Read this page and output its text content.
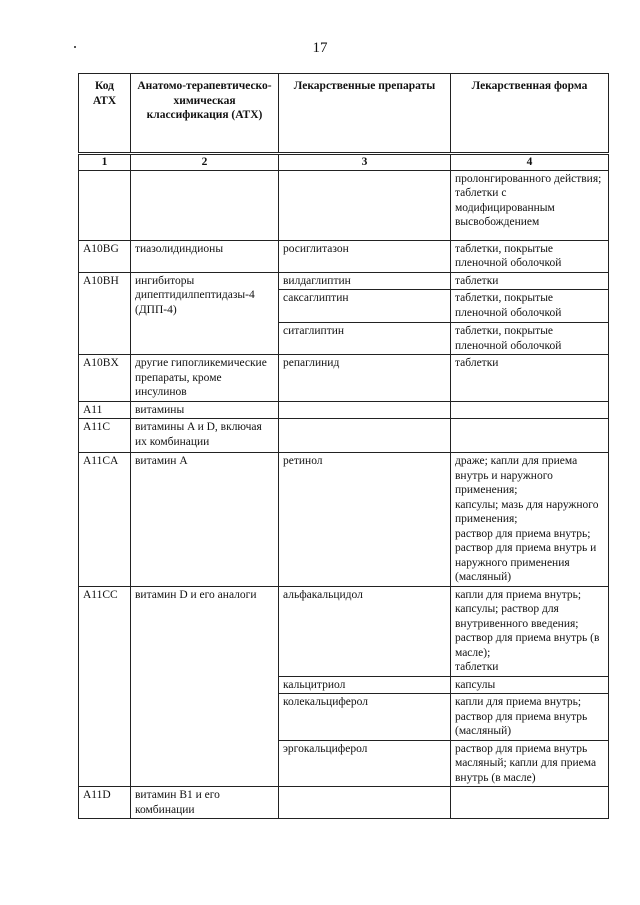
17
Код АТХ	Анатомо-терапевтическо-химическая классификация (АТХ)	Лекарственные препараты	Лекарственная форма
1	2	3	4
			пролонгированного действия;
таблетки с модифицированным высвобождением
A10BG	тиазолидиндионы	росиглитазон	таблетки, покрытые пленочной оболочкой
A10BH	ингибиторы дипептидилпептидазы-4 (ДПП-4)	вилдаглиптин	таблетки
		саксаглиптин	таблетки, покрытые пленочной оболочкой
		ситаглиптин	таблетки, покрытые пленочной оболочкой
A10BX	другие гипогликемические препараты, кроме инсулинов	репаглинид	таблетки
A11	витамины		
A11C	витамины A и D, включая их комбинации		
A11CA	витамин A	ретинол	драже; капли для приема внутрь и наружного применения;
капсулы; мазь для наружного применения;
раствор для приема внутрь; раствор для приема внутрь и наружного применения (масляный)
A11CC	витамин D и его аналоги	альфакальцидол	капли для приема внутрь;
капсулы; раствор для внутривенного введения;
раствор для приема внутрь (в масле);
таблетки
		кальцитриол	капсулы
		колекальциферол	капли для приема внутрь;
раствор для приема внутрь (масляный)
		эргокальциферол	раствор для приема внутрь масляный; капли для приема внутрь (в масле)
A11D	витамин B1 и его комбинации		
